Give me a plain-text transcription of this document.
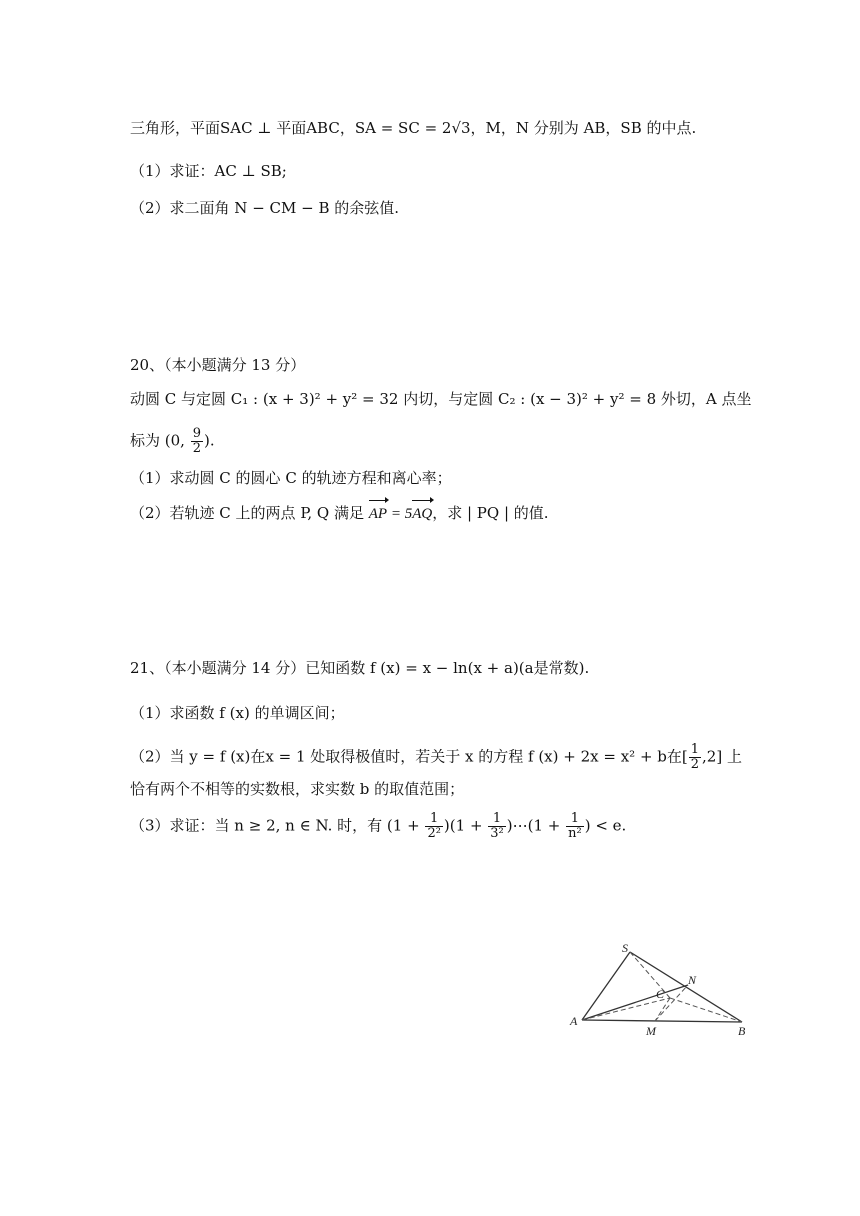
三角形，平面SAC ⊥ 平面ABC，SA = SC = 2√3，M，N 分别为 AB，SB 的中点.
（1）求证：AC ⊥ SB;
（2）求二面角 N − CM − B 的余弦值.
20、（本小题满分 13 分）
动圆 C 与定圆 C₁ : (x + 3)² + y² = 32 内切，与定圆 C₂ : (x − 3)² + y² = 8 外切，A 点坐
标为 (0, $\frac{9}{2}$ ).
（1）求动圆 C 的圆心 C 的轨迹方程和离心率；
（2）若轨迹 C 上的两点 P, Q 满足 AP = 5AQ，求 | PQ | 的值.
21、（本小题满分 14 分）已知函数 f (x) = x − ln(x + a)(a是常数).
（1）求函数 f (x) 的单调区间；
（2）当 y = f (x)在x = 1 处取得极值时，若关于 x 的方程 f (x) + 2x = x² + b在[ $\frac{1}{2} ,2$] 上
恰有两个不相等的实数根，求实数 b 的取值范围；
（3）求证：当 n ≥ 2, n ∈ N. 时，有 $(1 + \frac{1}{\text{2²}} )(1 + \frac{1}{\text{3²}}$ )⋯(1 + $\frac{1}{\text{n²}}$ ) < e.
S
N
C
A
M	B
